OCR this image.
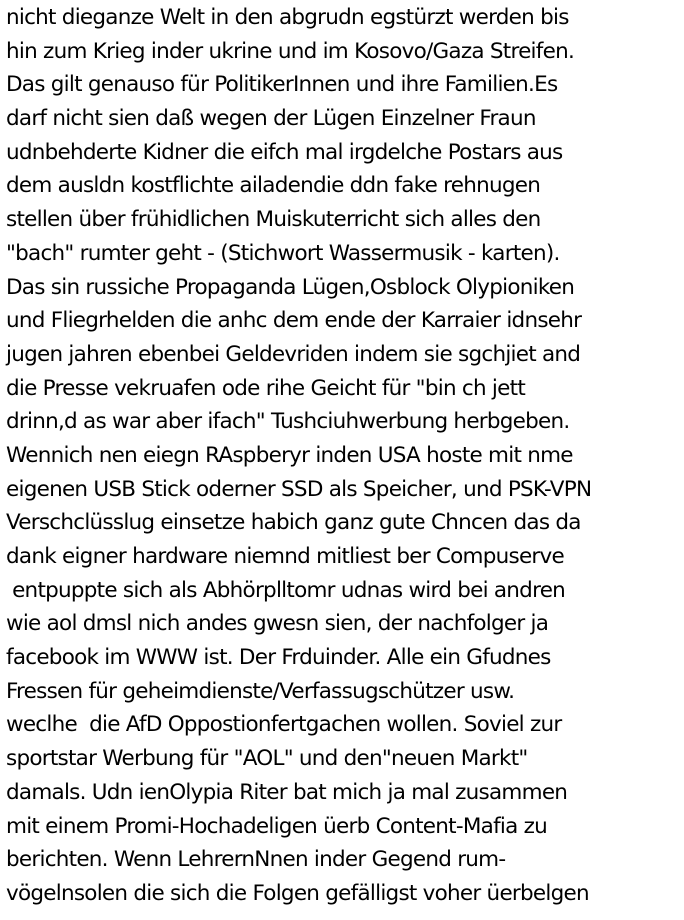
nicht dieganze Welt in den abgrudn egstürzt werden bis
hin zum Krieg inder ukrine und im Kosovo/Gaza Streifen.
Das gilt genauso für PolitikerInnen und ihre Familien.Es
darf nicht sien daß wegen der Lügen Einzelner Fraun
udnbehderte Kidner die eifch mal irgdelche Postars aus
dem ausldn kostflichte ailadendie ddn fake rehnugen
stellen über frühidlichen Muiskuterricht sich alles den
"bach" rumter geht - (Stichwort Wassermusik - karten).
Das sin russiche Propaganda Lügen,Osblock Olypioniken
und Fliegrhelden die anhc dem ende der Karraier idnsehr
jugen jahren ebenbei Geldevriden indem sie sgchjiet and
die Presse vekruafen ode rihe Geicht für "bin ch jett
drinn,d as war aber ifach" Tushciuhwerbung herbgeben.
Wennich nen eiegn RAspberyr inden USA hoste mit nme
eigenen USB Stick oderner SSD als Speicher, und PSK-VPN
Verschclüsslug einsetze habich ganz gute Chncen das da
dank eigner hardware niemnd mitliest ber Compuserve
entpuppte sich als Abhörplltomr udnas wird bei andren
wie aol dmsl nich andes gwesn sien, der nachfolger ja
facebook im WWW ist. Der Frduinder. Alle ein Gfudnes
Fressen für geheimdienste/Verfassugschützer usw.
weclhe  die AfD Oppostionfertgachen wollen. Soviel zur
sportstar Werbung für "AOL" und den"neuen Markt"
damals. Udn ienOlypia Riter bat mich ja mal zusammen
mit einem Promi-Hochadeligen üerb Content-Mafia zu
berichten. Wenn LehrernNnen inder Gegend rum-
vögelnsolen die sich die Folgen gefälligst voher üerbelgen
